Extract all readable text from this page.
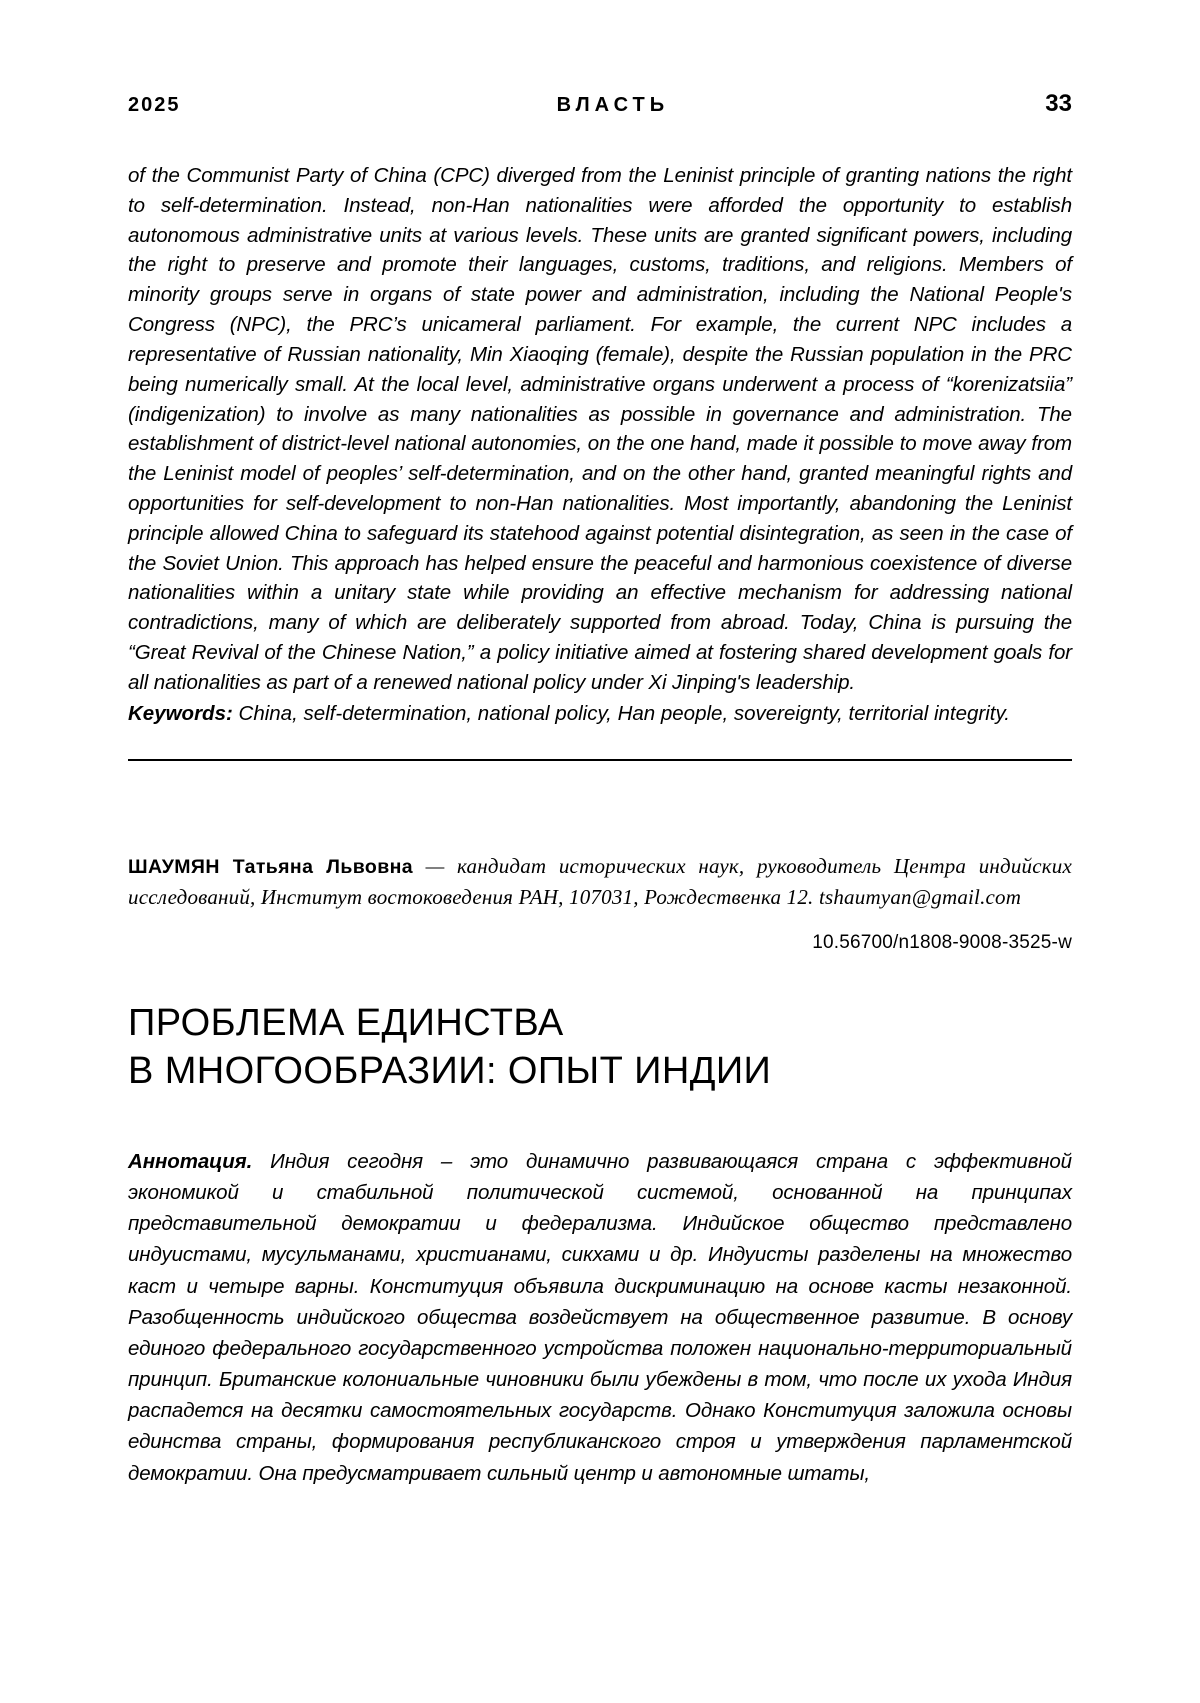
2025	ВЛАСТЬ	33
of the Communist Party of China (CPC) diverged from the Leninist principle of granting nations the right to self-determination. Instead, non-Han nationalities were afforded the opportunity to establish autonomous administrative units at various levels. These units are granted significant powers, including the right to preserve and promote their languages, customs, traditions, and religions. Members of minority groups serve in organs of state power and administration, including the National People's Congress (NPC), the PRC’s unicameral parliament. For example, the current NPC includes a representative of Russian nationality, Min Xiaoqing (female), despite the Russian population in the PRC being numerically small. At the local level, administrative organs underwent a process of “korenizatsiia” (indigenization) to involve as many nationalities as possible in governance and administration. The establishment of district-level national autonomies, on the one hand, made it possible to move away from the Leninist model of peoples’ self-determination, and on the other hand, granted meaningful rights and opportunities for self-development to non-Han nationalities. Most importantly, abandoning the Leninist principle allowed China to safeguard its statehood against potential disintegration, as seen in the case of the Soviet Union. This approach has helped ensure the peaceful and harmonious coexistence of diverse nationalities within a unitary state while providing an effective mechanism for addressing national contradictions, many of which are deliberately supported from abroad. Today, China is pursuing the “Great Revival of the Chinese Nation,” a policy initiative aimed at fostering shared development goals for all nationalities as part of a renewed national policy under Xi Jinping's leadership.
Keywords: China, self-determination, national policy, Han people, sovereignty, territorial integrity.
ШАУМЯН Татьяна Львовна — кандидат исторических наук, руководитель Центра индийских исследований, Институт востоковедения РАН, 107031, Рождественка 12. tshaumyan@gmail.com
10.56700/n1808-9008-3525-w
ПРОБЛЕМА ЕДИНСТВА
В МНОГООБРАЗИИ: ОПЫТ ИНДИИ
Аннотация. Индия сегодня – это динамично развивающаяся страна с эффективной экономикой и стабильной политической системой, основанной на принципах представительной демократии и федерализма. Индийское общество представлено индуистами, мусульманами, христианами, сикхами и др. Индуисты разделены на множество каст и четыре варны. Конституция объявила дискриминацию на основе касты незаконной. Разобщенность индийского общества воздействует на общественное развитие. В основу единого федерального государственного устройства положен национально-территориальный принцип. Британские колониальные чиновники были убеждены в том, что после их ухода Индия распадется на десятки самостоятельных государств. Однако Конституция заложила основы единства страны, формирования республиканского строя и утверждения парламентской демократии. Она предусматривает сильный центр и автономные штаты,
